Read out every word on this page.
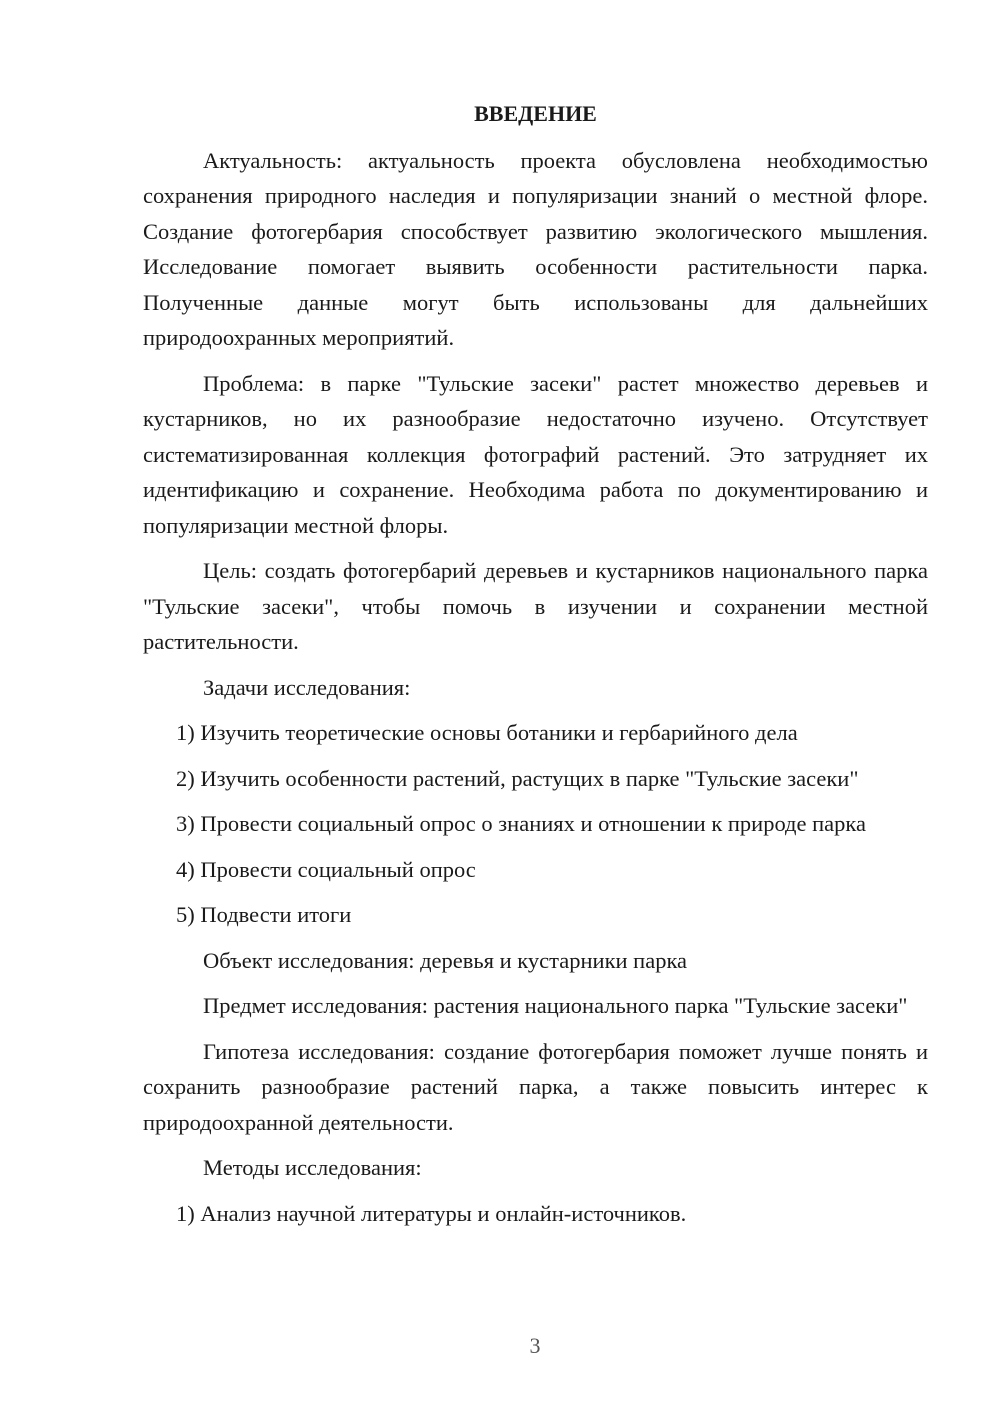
ВВЕДЕНИЕ

Актуальность: актуальность проекта обусловлена необходимостью сохранения природного наследия и популяризации знаний о местной флоре. Создание фотогербария способствует развитию экологического мышления. Исследование помогает выявить особенности растительности парка. Полученные данные могут быть использованы для дальнейших природоохранных мероприятий.

Проблема: в парке "Тульские засеки" растет множество деревьев и кустарников, но их разнообразие недостаточно изучено. Отсутствует систематизированная коллекция фотографий растений. Это затрудняет их идентификацию и сохранение. Необходима работа по документированию и популяризации местной флоры.

Цель: создать фотогербарий деревьев и кустарников национального парка "Тульские засеки", чтобы помочь в изучении и сохранении местной растительности.

Задачи исследования:

1) Изучить теоретические основы ботаники и гербарийного дела
2) Изучить особенности растений, растущих в парке "Тульские засеки"
3) Провести социальный опрос о знаниях и отношении к природе парка
4) Провести социальный опрос
5) Подвести итоги

Объект исследования: деревья и кустарники парка

Предмет исследования: растения национального парка "Тульские засеки"

Гипотеза исследования: создание фотогербария поможет лучше понять и сохранить разнообразие растений парка, а также повысить интерес к природоохранной деятельности.

Методы исследования:

1) Анализ научной литературы и онлайн-источников.
3
